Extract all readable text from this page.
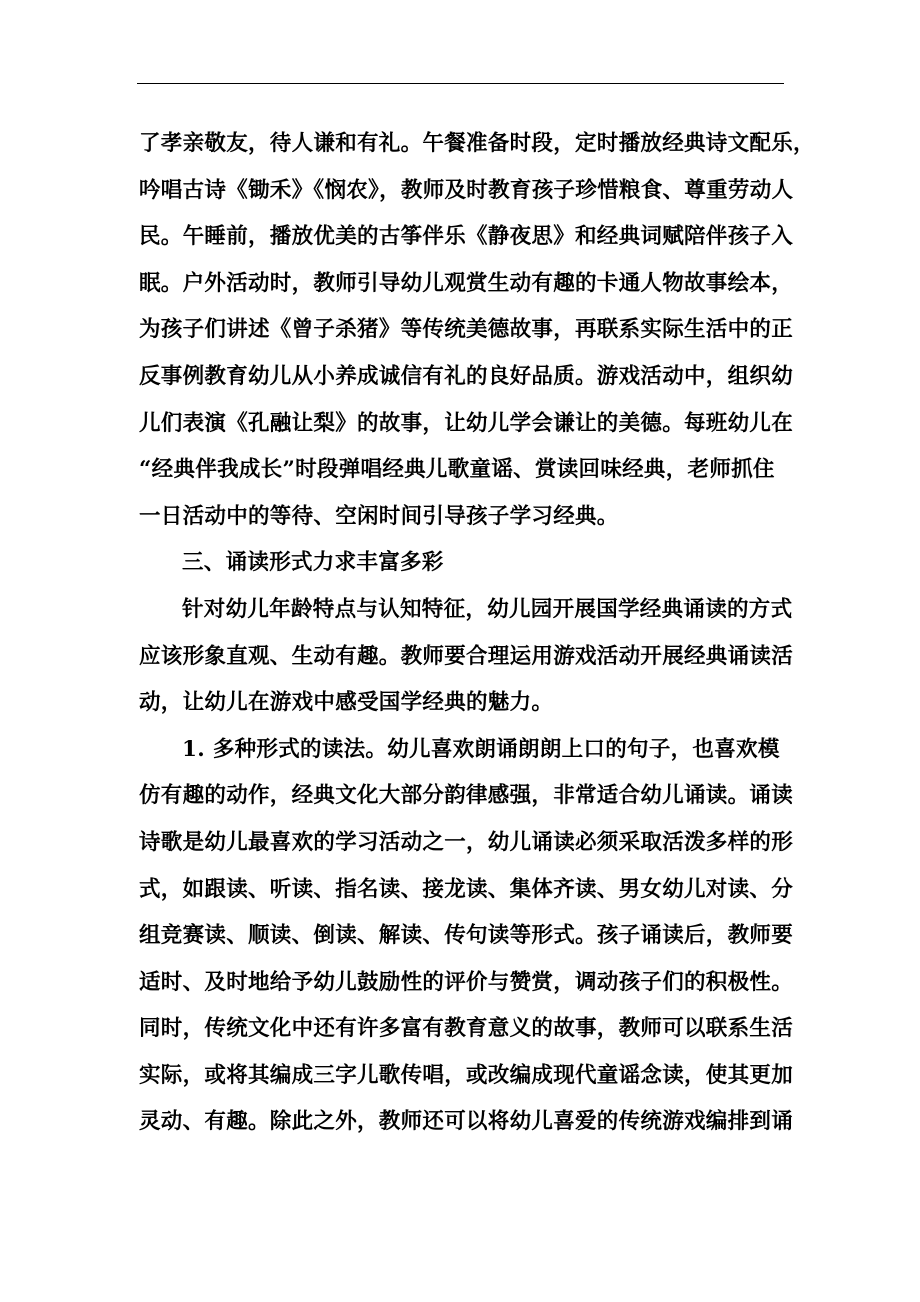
了孝亲敬友，待人谦和有礼。午餐准备时段，定时播放经典诗文配乐，
吟唱古诗《锄禾》《悯农》，教师及时教育孩子珍惜粮食、尊重劳动人
民。午睡前，播放优美的古筝伴乐《静夜思》和经典词赋陪伴孩子入
眠。户外活动时，教师引导幼儿观赏生动有趣的卡通人物故事绘本，
为孩子们讲述《曾子杀猪》等传统美德故事，再联系实际生活中的正
反事例教育幼儿从小养成诚信有礼的良好品质。游戏活动中，组织幼
儿们表演《孔融让梨》的故事，让幼儿学会谦让的美德。每班幼儿在
“经典伴我成长”时段弹唱经典儿歌童谣、赏读回味经典，老师抓住
一日活动中的等待、空闲时间引导孩子学习经典。
三、诵读形式力求丰富多彩
针对幼儿年龄特点与认知特征，幼儿园开展国学经典诵读的方式
应该形象直观、生动有趣。教师要合理运用游戏活动开展经典诵读活
动，让幼儿在游戏中感受国学经典的魅力。
1. 多种形式的读法。幼儿喜欢朗诵朗朗上口的句子，也喜欢模
仿有趣的动作，经典文化大部分韵律感强，非常适合幼儿诵读。诵读
诗歌是幼儿最喜欢的学习活动之一，幼儿诵读必须采取活泼多样的形
式，如跟读、听读、指名读、接龙读、集体齐读、男女幼儿对读、分
组竞赛读、顺读、倒读、解读、传句读等形式。孩子诵读后，教师要
适时、及时地给予幼儿鼓励性的评价与赞赏，调动孩子们的积极性。
同时，传统文化中还有许多富有教育意义的故事，教师可以联系生活
实际，或将其编成三字儿歌传唱，或改编成现代童谣念读，使其更加
灵动、有趣。除此之外，教师还可以将幼儿喜爱的传统游戏编排到诵
